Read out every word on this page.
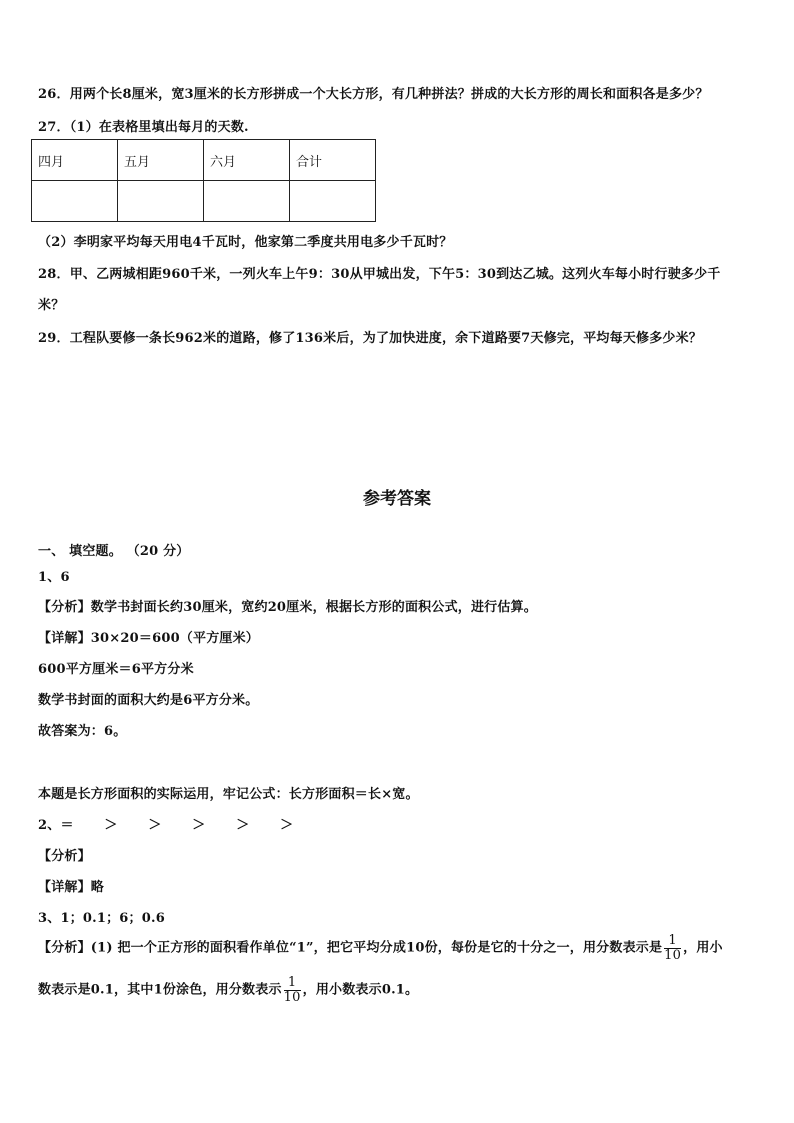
26．用两个长8厘米，宽3厘米的长方形拼成一个大长方形，有几种拼法？拼成的大长方形的周长和面积各是多少？
27．（1）在表格里填出每月的天数.
四月	五月	六月	合计

（2）李明家平均每天用电4千瓦时，他家第二季度共用电多少千瓦时？
28．甲、乙两城相距960千米，一列火车上午9：30从甲城出发，下午5：30到达乙城。这列火车每小时行驶多少千
米？
29．工程队要修一条长962米的道路，修了136米后，为了加快进度，余下道路要7天修完，平均每天修多少米？
参考答案
一、 填空题。 （20 分）
1、6
【分析】数学书封面长约30厘米，宽约20厘米，根据长方形的面积公式，进行估算。
【详解】30×20＝600（平方厘米）
600平方厘米＝6平方分米
数学书封面的面积大约是6平方分米。
故答案为：6。
本题是长方形面积的实际运用，牢记公式：长方形面积＝长×宽。
2、＝ ＞ ＞ ＞ ＞ ＞
【分析】
【详解】略
3、1；0.1；6；0.6
【分析】(1) 把一个正方形的面积看作单位“1”，把它平均分成10份，每份是它的十分之一，用分数表示是 $\frac{1}{10}$ ，用小
数表示是0.1，其中1份涂色，用分数表示 $\frac{1}{10}$ ，用小数表示0.1。
